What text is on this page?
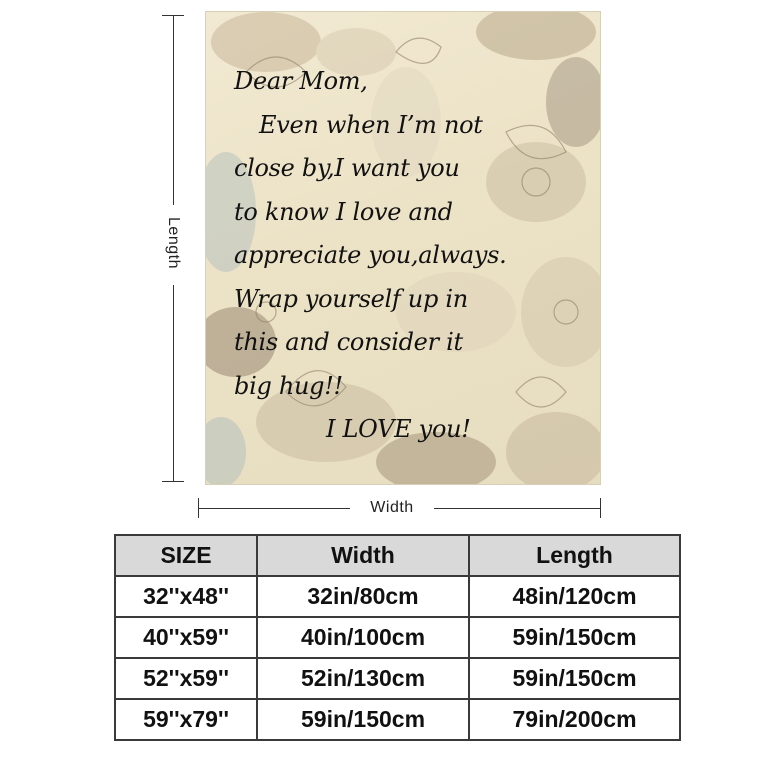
Length
Dear Mom,
Even when I’m not
close by,I want you
to know I love and
appreciate you,always.
Wrap yourself up in
this and consider it
big hug!!
I LOVE you!
Width
SIZE	Width	Length
32''x48''	32in/80cm	48in/120cm
40''x59''	40in/100cm	59in/150cm
52''x59''	52in/130cm	59in/150cm
59''x79''	59in/150cm	79in/200cm
